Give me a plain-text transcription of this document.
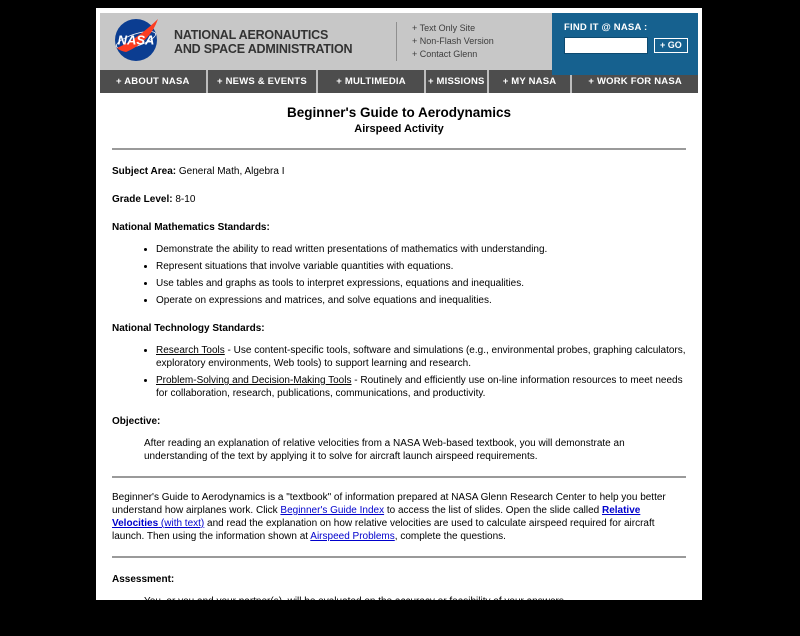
NASA NATIONAL AERONAUTICS
AND SPACE ADMINISTRATION
+ Text Only Site
+ Non-Flash Version
+ Contact Glenn
FIND IT @ NASA :
+ GO
+ ABOUT NASA	+ NEWS & EVENTS	+ MULTIMEDIA	+ MISSIONS	+ MY NASA	+ WORK FOR NASA
Beginner's Guide to Aerodynamics
Airspeed Activity
Subject Area: General Math, Algebra I
Grade Level: 8-10
National Mathematics Standards:
• Demonstrate the ability to read written presentations of mathematics with understanding.
• Represent situations that involve variable quantities with equations.
• Use tables and graphs as tools to interpret expressions, equations and inequalities.
• Operate on expressions and matrices, and solve equations and inequalities.
National Technology Standards:
• Research Tools - Use content-specific tools, software and simulations (e.g., environmental probes, graphing calculators, exploratory environments, Web tools) to support learning and research.
• Problem-Solving and Decision-Making Tools - Routinely and efficiently use on-line information resources to meet needs for collaboration, research, publications, communications, and productivity.
Objective:
After reading an explanation of relative velocities from a NASA Web-based textbook, you will demonstrate an understanding of the text by applying it to solve for aircraft launch airspeed requirements.

Beginner's Guide to Aerodynamics is a "textbook" of information prepared at NASA Glenn Research Center to help you better understand how airplanes work. Click Beginner's Guide Index to access the list of slides. Open the slide called Relative Velocities (with text) and read the explanation on how relative velocities are used to calculate airspeed required for aircraft launch. Then using the information shown at Airspeed Problems, complete the questions.

Assessment:
You, or you and your partner(s), will be evaluated on the accuracy or feasibility of your answers.
Evaluation:
